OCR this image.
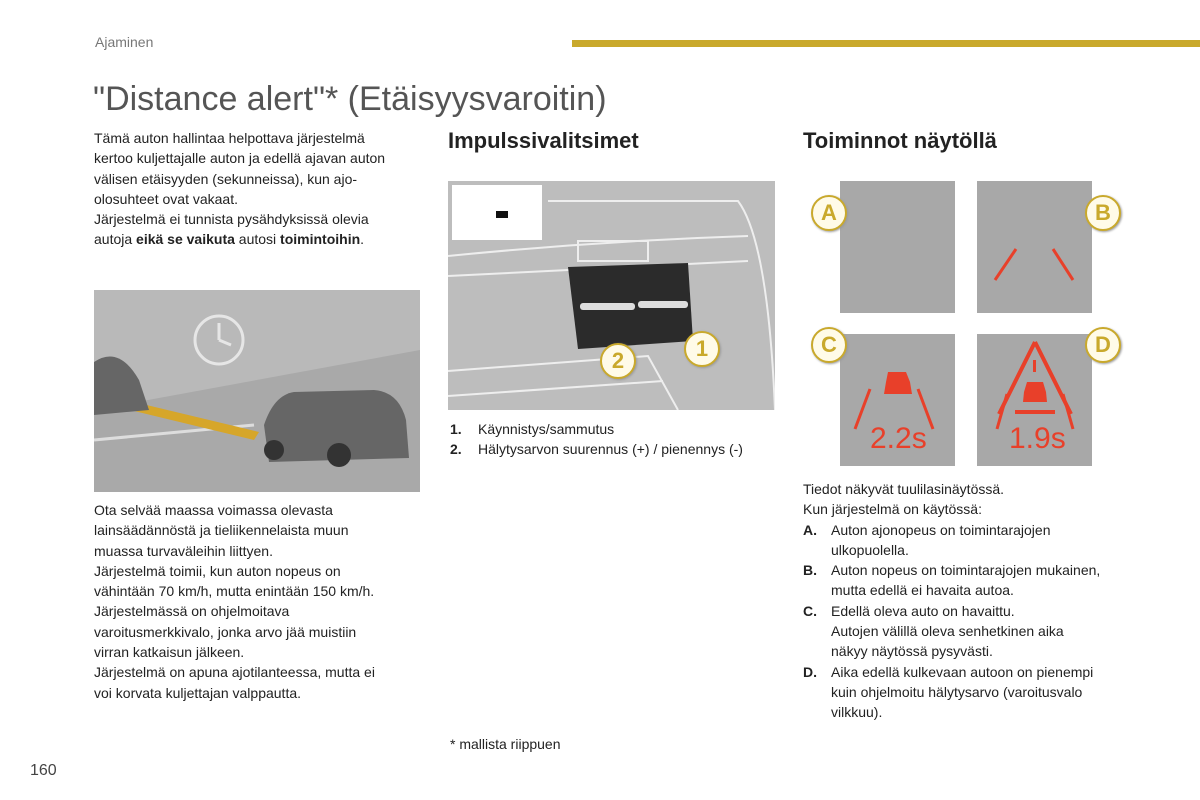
Ajaminen
"Distance alert"* (Etäisyysvaroitin)
Tämä auton hallintaa helpottava järjestelmä
kertoo kuljettajalle auton ja edellä ajavan auton
välisen etäisyyden (sekunneissa), kun ajo-
olosuhteet ovat vakaat.
Järjestelmä ei tunnista pysähdyksissä olevia
autoja eikä se vaikuta autosi toimintoihin.
Ota selvää maassa voimassa olevasta
lainsäädännöstä ja tieliikennelaista muun
muassa turvaväleihin liittyen.
Järjestelmä toimii, kun auton nopeus on
vähintään 70 km/h, mutta enintään 150 km/h.
Järjestelmässä on ohjelmoitava
varoitusmerkkivalo, jonka arvo jää muistiin
virran katkaisun jälkeen.
Järjestelmä on apuna ajotilanteessa, mutta ei
voi korvata kuljettajan valppautta.
Impulssivalitsimet
2	1
1.	Käynnistys/sammutus
2.	Hälytysarvon suurennus (+) / pienennys (-)
* mallista riippuen
Toiminnot näytöllä
A	B
2.2s
C
1.9s
D
Tiedot näkyvät tuulilasinäytössä.
Kun järjestelmä on käytössä:
A.	Auton ajonopeus on toimintarajojen
ulkopuolella.
B.	Auton nopeus on toimintarajojen mukainen,
mutta edellä ei havaita autoa.
C.	Edellä oleva auto on havaittu.
Autojen välillä oleva senhetkinen aika
näkyy näytössä pysyvästi.
D.	Aika edellä kulkevaan autoon on pienempi
kuin ohjelmoitu hälytysarvo (varoitusvalo
vilkkuu).
160
